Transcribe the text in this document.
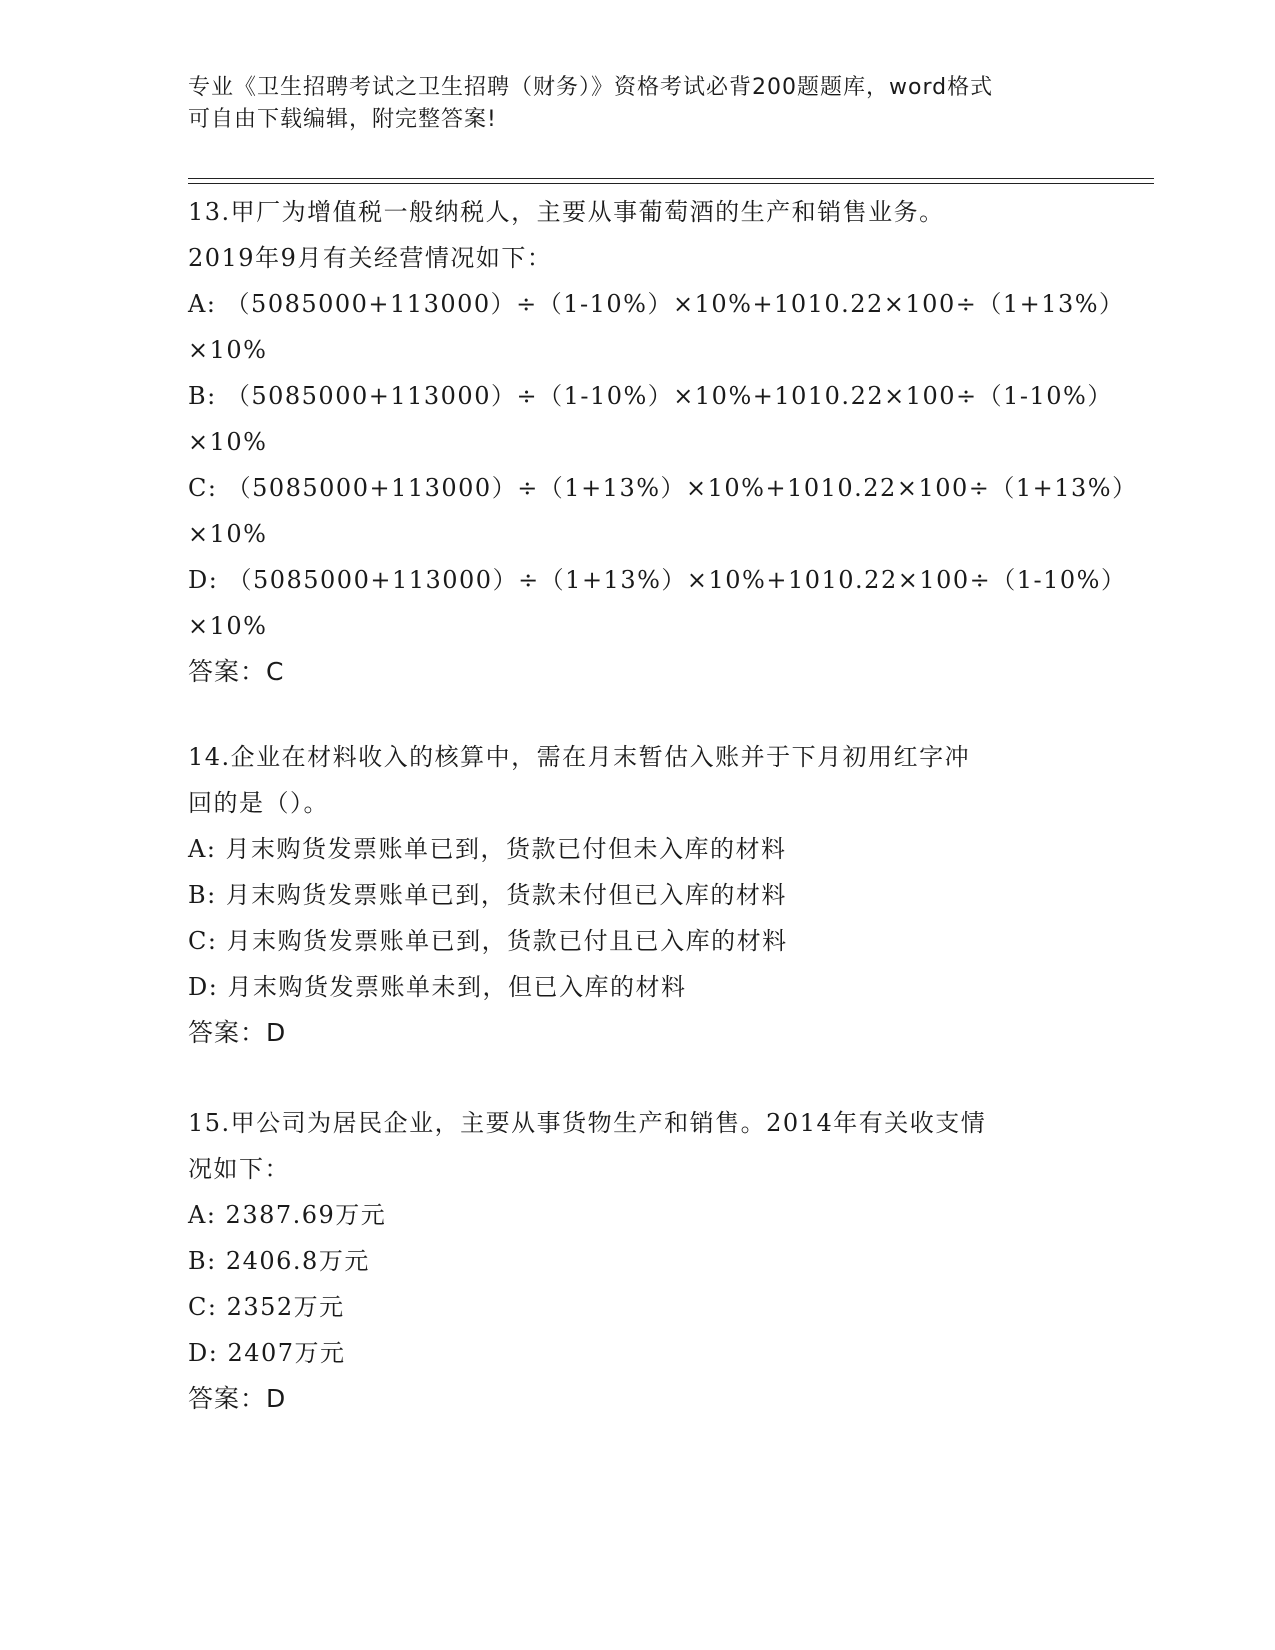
专业《卫生招聘考试之卫生招聘（财务）》资格考试必背200题题库，word格式
可自由下载编辑，附完整答案!
13.甲厂为增值税一般纳税人，主要从事葡萄酒的生产和销售业务。
2019年9月有关经营情况如下：
A: （5085000+113000）÷（1-10%）×10%+1010.22×100÷（1+13%）
×10%
B: （5085000+113000）÷（1-10%）×10%+1010.22×100÷（1-10%）
×10%
C: （5085000+113000）÷（1+13%）×10%+1010.22×100÷（1+13%）
×10%
D: （5085000+113000）÷（1+13%）×10%+1010.22×100÷（1-10%）
×10%
答案：C
14.企业在材料收入的核算中，需在月末暂估入账并于下月初用红字冲
回的是（）。
A: 月末购货发票账单已到，货款已付但未入库的材料
B: 月末购货发票账单已到，货款未付但已入库的材料
C: 月末购货发票账单已到，货款已付且已入库的材料
D: 月末购货发票账单未到，但已入库的材料
答案：D
15.甲公司为居民企业，主要从事货物生产和销售。2014年有关收支情
况如下：
A: 2387.69万元
B: 2406.8万元
C: 2352万元
D: 2407万元
答案：D
